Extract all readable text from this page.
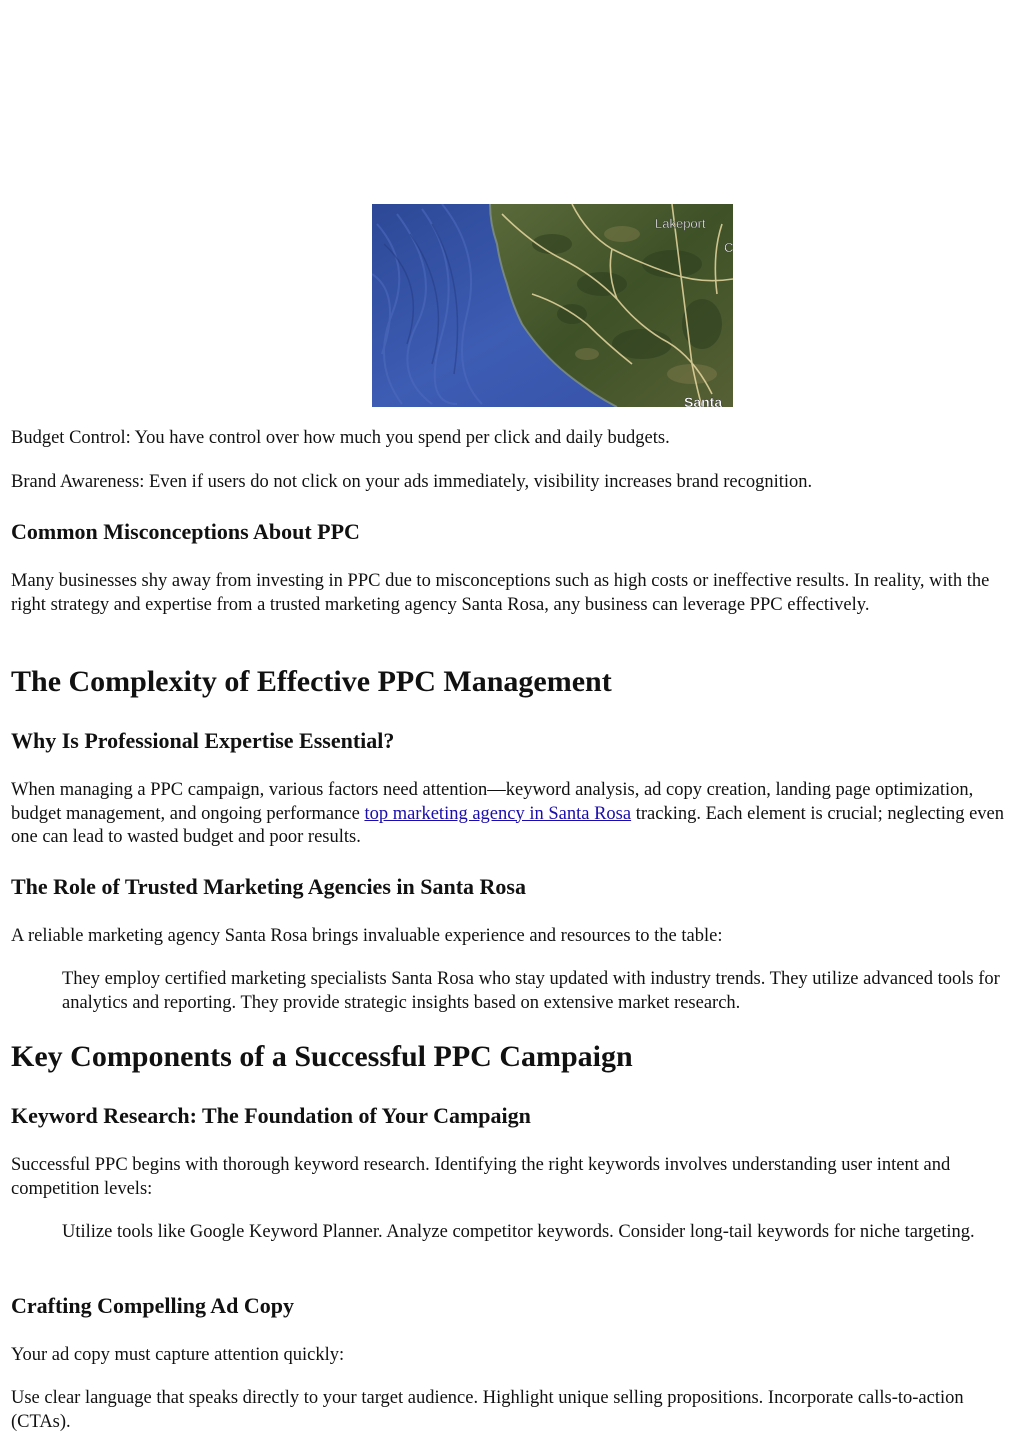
Lakeport
C
Santa

Budget Control: You have control over how much you spend per click and daily budgets.

Brand Awareness: Even if users do not click on your ads immediately, visibility increases brand recognition.

Common Misconceptions About PPC

Many businesses shy away from investing in PPC due to misconceptions such as high costs or ineffective results. In reality, with the right strategy and expertise from a trusted marketing agency Santa Rosa, any business can leverage PPC effectively.

The Complexity of Effective PPC Management
Why Is Professional Expertise Essential?

When managing a PPC campaign, various factors need attention—keyword analysis, ad copy creation, landing page optimization, budget management, and ongoing performance top marketing agency in Santa Rosa tracking. Each element is crucial; neglecting even one can lead to wasted budget and poor results.

The Role of Trusted Marketing Agencies in Santa Rosa

A reliable marketing agency Santa Rosa brings invaluable experience and resources to the table:

They employ certified marketing specialists Santa Rosa who stay updated with industry trends. They utilize advanced tools for analytics and reporting. They provide strategic insights based on extensive market research.

Key Components of a Successful PPC Campaign
Keyword Research: The Foundation of Your Campaign

Successful PPC begins with thorough keyword research. Identifying the right keywords involves understanding user intent and competition levels:

Utilize tools like Google Keyword Planner. Analyze competitor keywords. Consider long-tail keywords for niche targeting.

Crafting Compelling Ad Copy

Your ad copy must capture attention quickly:

Use clear language that speaks directly to your target audience. Highlight unique selling propositions. Incorporate calls-to-action (CTAs).
